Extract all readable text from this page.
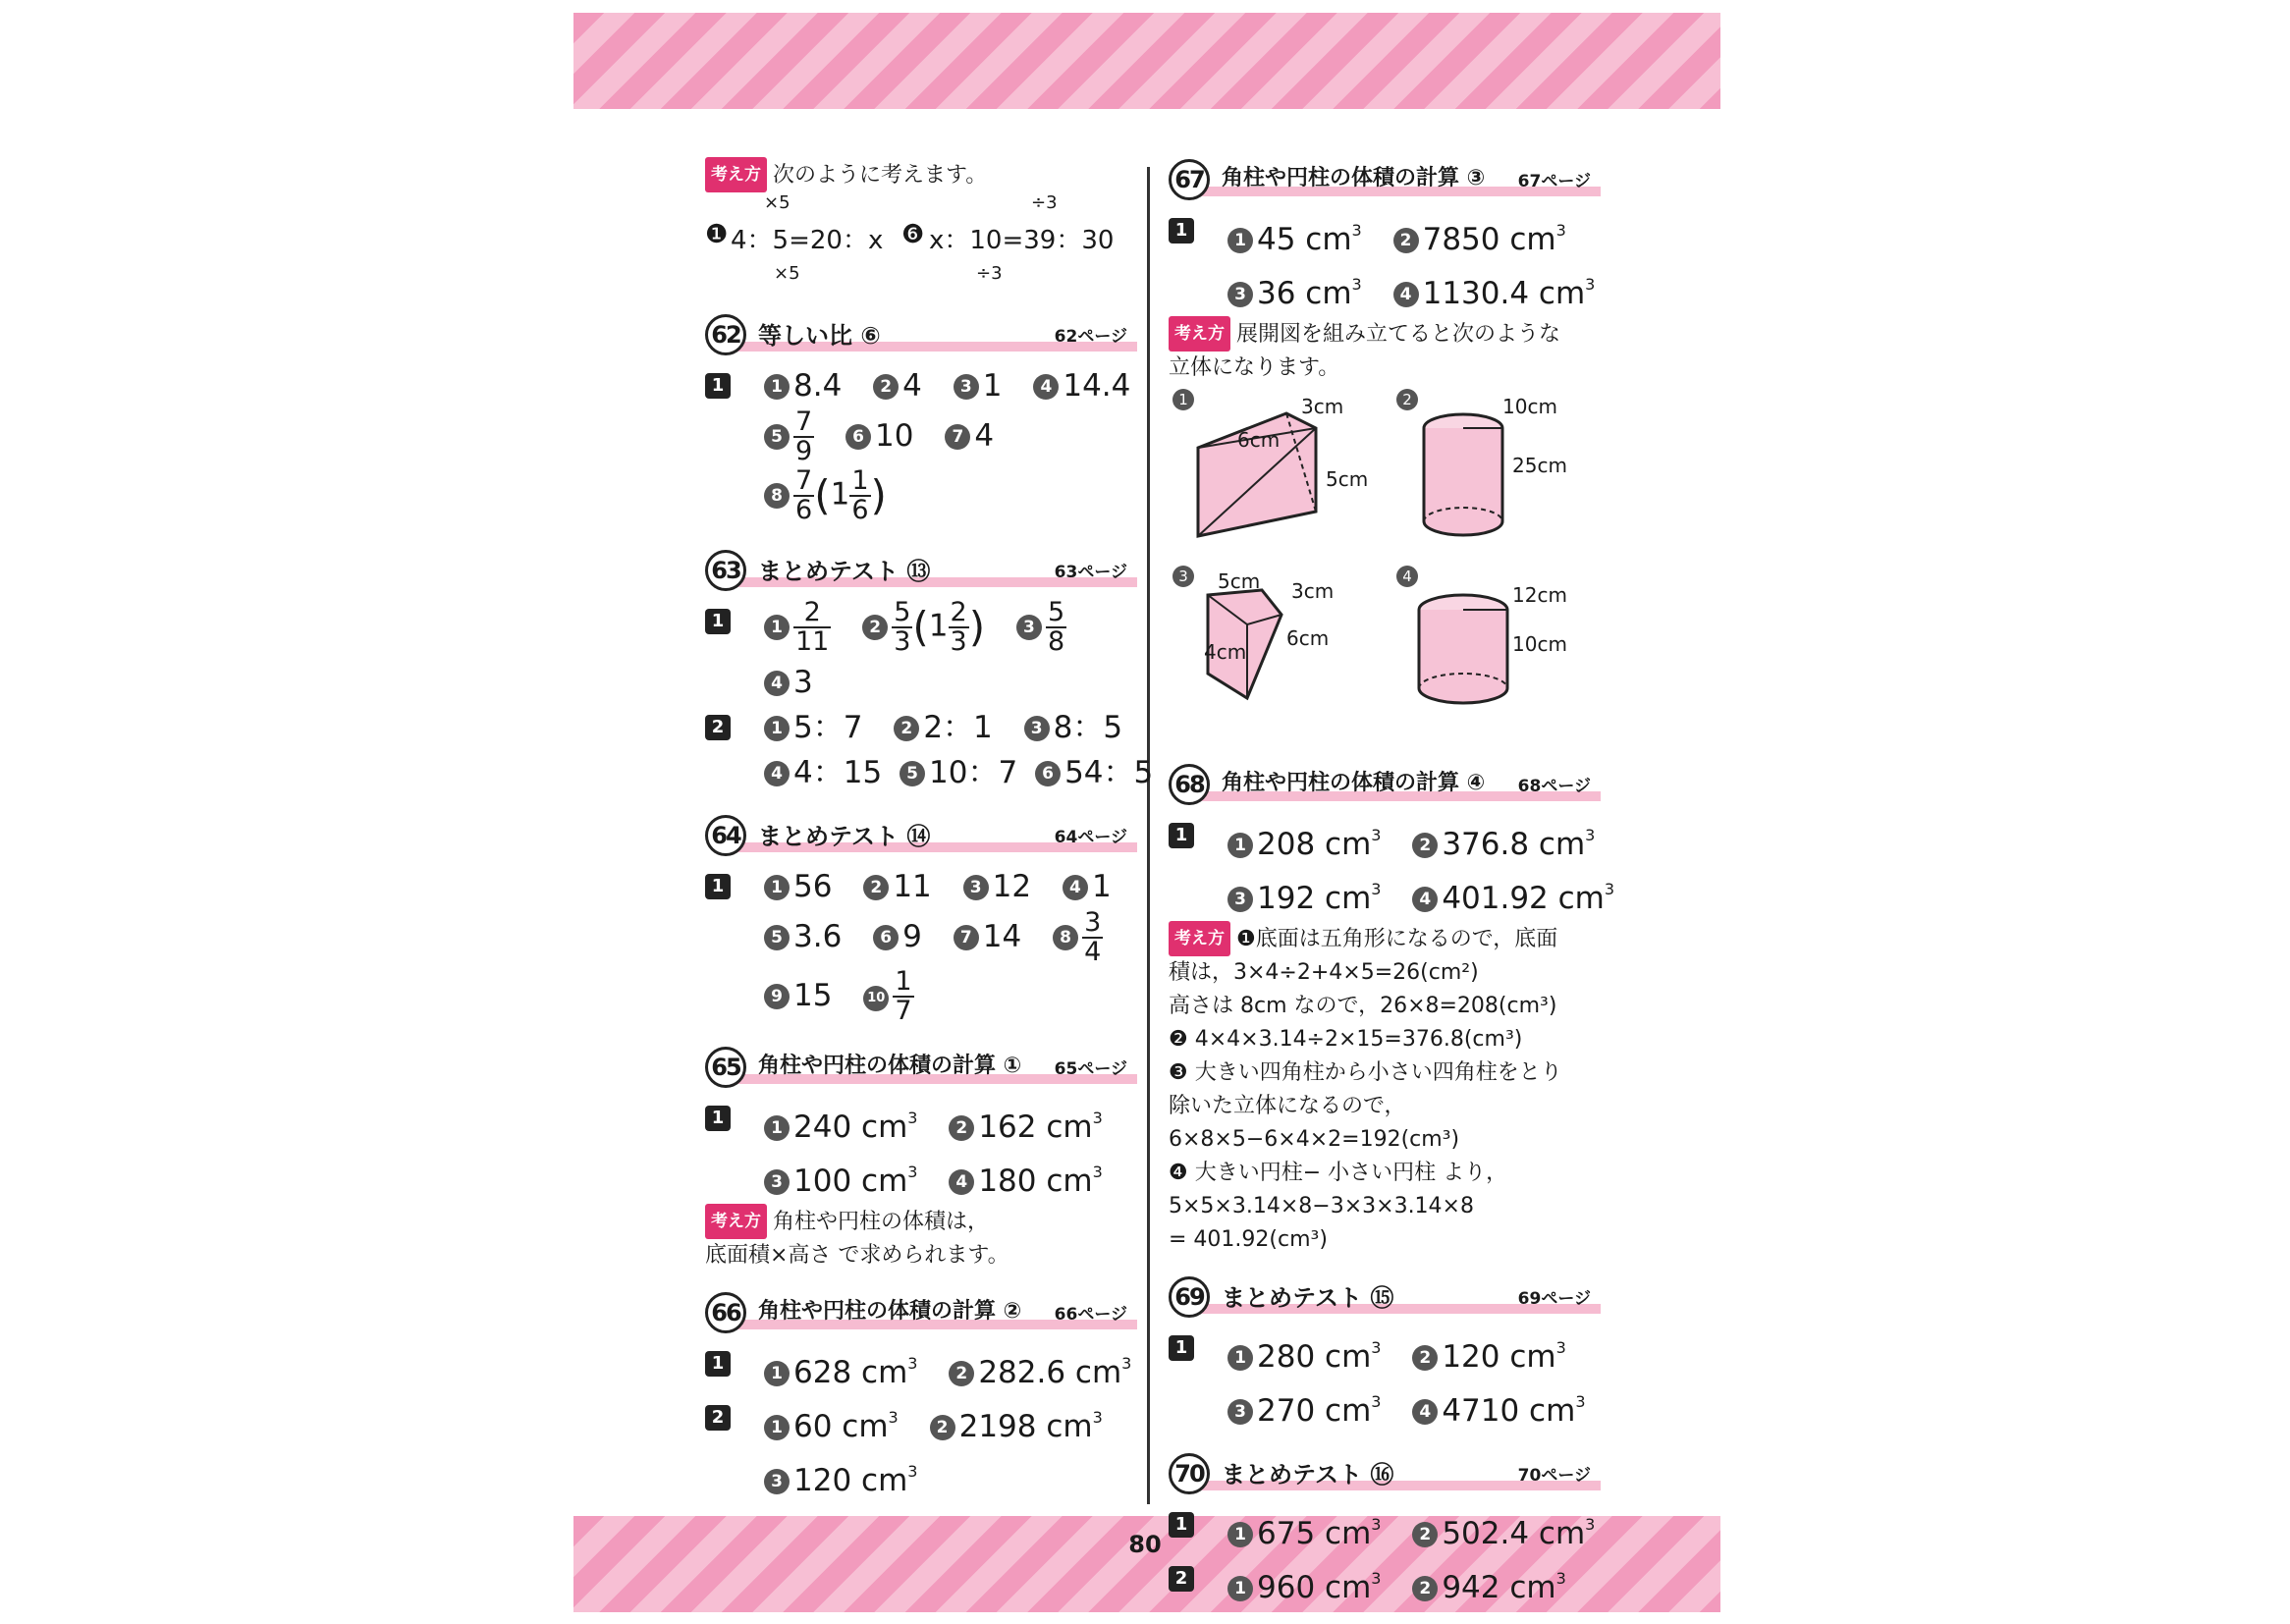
80
考え方 次のように考えます。
×5
❶ 4：5=20：x
×5
÷3
❻ x：10=39：30
÷3
62 等しい比 ⑥	62ページ
1	1 8.4 2 4 3 1 4 14.4
$5 \frac{7}{9} 6$ 10 7 4
$8 \frac{7}{6} (1 \frac{1}{6}$ )
63 まとめテスト ⑬	63ページ
1	$1 \frac{2}{11} 2 \frac{5}{3} (1 \frac{2}{3}$ ) $3 \frac{5}{8}$
4 3
2	1 5：7 2 2：1 3 8：5
4 4：15 5 10：7 6 54：5
64 まとめテスト ⑭	64ページ
1	1 56 2 11 3 12 4 1
5 3.6 6 9 7 14 $8 \frac{3}{4}$
9 15	$10 \frac{1}{7}$
65 角柱や円柱の体積の計算 ① 65ページ
1	1 240 $cm^3$ 2 162 $cm^3$
3 100 $cm^3$ 4 180 $cm^3$
考え方 角柱や円柱の体積は，
底面積×高さ で求められます。
66 角柱や円柱の体積の計算 ② 66ページ
1	1 628 $cm^3$ 2 282.6 $cm^3$
2	1 60 $cm^3$ 2 2198 $cm^3$
3 120 $cm^3$
67 角柱や円柱の体積の計算 ③ 67ページ
1	1 45 $cm^3$ 2 7850 $cm^3$
3 36 $cm^3$ 4 1130.4 $cm^3$
考え方 展開図を組み立てると次のような
立体になります。
1	2
3	4
3cm
6cm
5cm
10cm
25cm
5cm 3cm
6cm
4cm
12cm
10cm
68 角柱や円柱の体積の計算 ④ 68ページ
1	1 208 $cm^3$ 2 376.8 $cm^3$
3 192 $cm^3$ 4 401.92 $cm^3$
考え方 ❶底面は五角形になるので，底面
積は，3×4÷2+4×5=26(cm²)
高さは 8cm なので，26×8=208(cm³)
❷ 4×4×3.14÷2×15=376.8(cm³)
❸ 大きい四角柱から小さい四角柱をとり
除いた立体になるので，
6×8×5−6×4×2=192(cm³)
❹ 大きい円柱− 小さい円柱 より，
5×5×3.14×8−3×3×3.14×8
= 401.92(cm³)
69 まとめテスト ⑮	69ページ
1	1 280 $cm^3$ 2 120 $cm^3$
3 270 $cm^3$ 4 4710 $cm^3$
70 まとめテスト ⑯	70ページ
1	1 675 $cm^3$ 2 502.4 $cm^3$
2	1 960 $cm^3$ 2 942 $cm^3$
